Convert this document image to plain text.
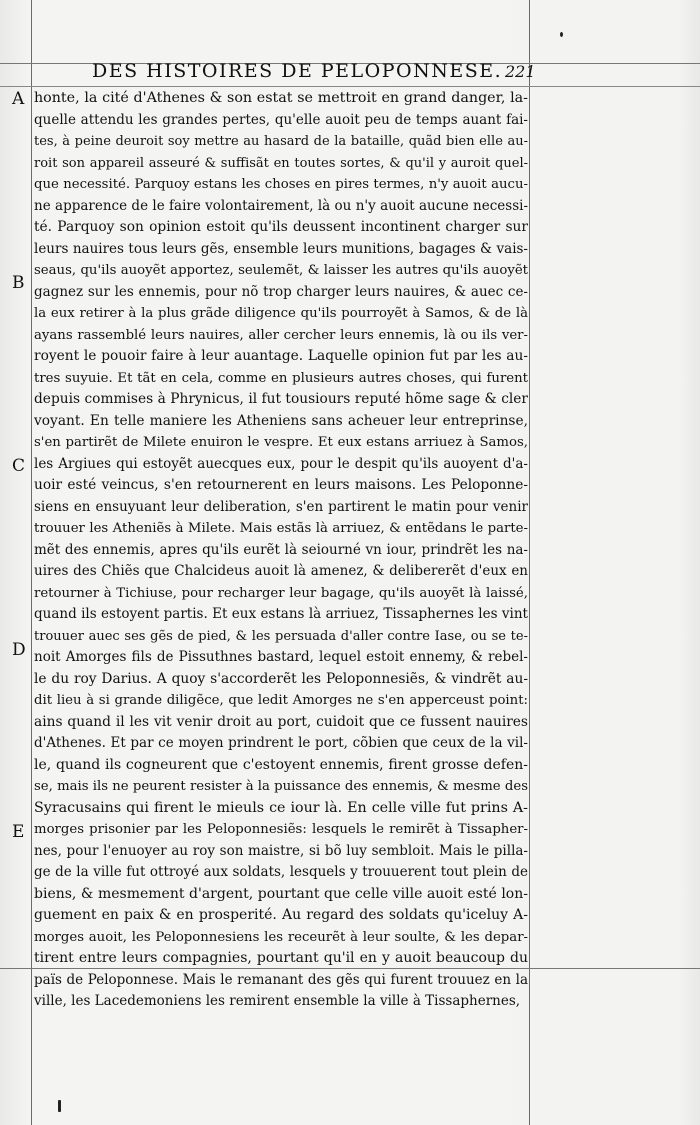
DES HISTOIRES DE PELOPONNESE. 221
A
B
C
D
E
honte, la cité d'Athenes & son estat se mettroit en grand danger, la-
quelle attendu les grandes pertes, qu'elle auoit peu de temps auant fai-
tes, à peine deuroit soy mettre au hasard de la bataille, quãd bien elle au-
roit son appareil asseuré & suffisãt en toutes sortes, & qu'il y auroit quel-
que necessité. Parquoy estans les choses en pires termes, n'y auoit aucu-
ne apparence de le faire volontairement, là ou n'y auoit aucune necessi-
té. Parquoy son opinion estoit qu'ils deussent incontinent charger sur
leurs nauires tous leurs gẽs, ensemble leurs munitions, bagages & vais-
seaus, qu'ils auoyẽt apportez, seulemẽt, & laisser les autres qu'ils auoyẽt
gagnez sur les ennemis, pour nõ trop charger leurs nauires, & auec ce-
la eux retirer à la plus grãde diligence qu'ils pourroyẽt à Samos, & de là
ayans rassemblé leurs nauires, aller cercher leurs ennemis, là ou ils ver-
royent le pouoir faire à leur auantage. Laquelle opinion fut par les au-
tres suyuie. Et tãt en cela, comme en plusieurs autres choses, qui furent
depuis commises à Phrynicus, il fut tousiours reputé hõme sage & cler
voyant. En telle maniere les Atheniens sans acheuer leur entreprinse,
s'en partirẽt de Milete enuiron le vespre. Et eux estans arriuez à Samos,
les Argiues qui estoyẽt auecques eux, pour le despit qu'ils auoyent d'a-
uoir esté veincus, s'en retournerent en leurs maisons. Les Peloponne-
siens en ensuyuant leur deliberation, s'en partirent le matin pour venir
trouuer les Atheniẽs à Milete. Mais estãs là arriuez, & entẽdans le parte-
mẽt des ennemis, apres qu'ils eurẽt là seiourné vn iour, prindrẽt les na-
uires des Chiẽs que Chalcideus auoit là amenez, & delibererẽt d'eux en
retourner à Tichiuse, pour recharger leur bagage, qu'ils auoyẽt là laissé,
quand ils estoyent partis. Et eux estans là arriuez, Tissaphernes les vint
trouuer auec ses gẽs de pied, & les persuada d'aller contre Iase, ou se te-
noit Amorges fils de Pissuthnes bastard, lequel estoit ennemy, & rebel-
le du roy Darius. A quoy s'accorderẽt les Peloponnesiẽs, & vindrẽt au-
dit lieu à si grande diligẽce, que ledit Amorges ne s'en apperceust point:
ains quand il les vit venir droit au port, cuidoit que ce fussent nauires
d'Athenes. Et par ce moyen prindrent le port, cõbien que ceux de la vil-
le, quand ils cogneurent que c'estoyent ennemis, firent grosse defen-
se, mais ils ne peurent resister à la puissance des ennemis, & mesme des
Syracusains qui firent le mieuls ce iour là. En celle ville fut prins A-
morges prisonier par les Peloponnesiẽs: lesquels le remirẽt à Tissapher-
nes, pour l'enuoyer au roy son maistre, si bõ luy sembloit. Mais le pilla-
ge de la ville fut ottroyé aux soldats, lesquels y trouuerent tout plein de
biens, & mesmement d'argent, pourtant que celle ville auoit esté lon-
guement en paix & en prosperité. Au regard des soldats qu'iceluy A-
morges auoit, les Peloponnesiens les receurẽt à leur soulte, & les depar-
tirent entre leurs compagnies, pourtant qu'il en y auoit beaucoup du
païs de Peloponnese. Mais le remanant des gẽs qui furent trouuez en la
ville, les Lacedemoniens les remirent ensemble la ville à Tissaphernes,
